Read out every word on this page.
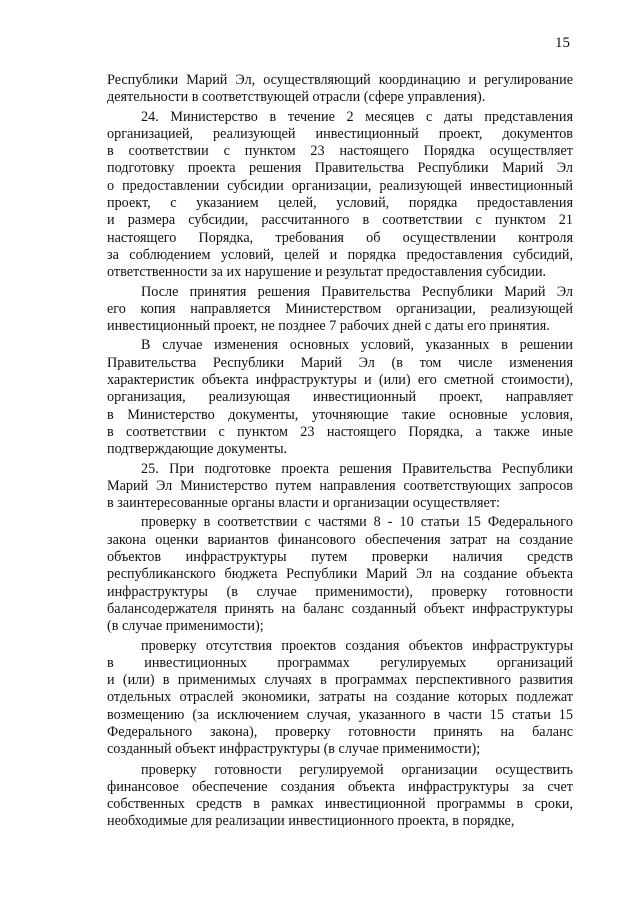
15

Республики Марий Эл, осуществляющий координацию и регулирование
деятельности в соответствующей отрасли (сфере управления).

24. Министерство в течение 2 месяцев с даты представления
организацией, реализующей инвестиционный проект, документов
в соответствии с пунктом 23 настоящего Порядка осуществляет
подготовку проекта решения Правительства Республики Марий Эл
о предоставлении субсидии организации, реализующей инвестиционный
проект, с указанием целей, условий, порядка предоставления
и размера субсидии, рассчитанного в соответствии с пунктом 21
настоящего Порядка, требования об осуществлении контроля
за соблюдением условий, целей и порядка предоставления субсидий,
ответственности за их нарушение и результат предоставления субсидии.

После принятия решения Правительства Республики Марий Эл
его копия направляется Министерством организации, реализующей
инвестиционный проект, не позднее 7 рабочих дней с даты его принятия.

В случае изменения основных условий, указанных в решении
Правительства Республики Марий Эл (в том числе изменения
характеристик объекта инфраструктуры и (или) его сметной стоимости),
организация, реализующая инвестиционный проект, направляет
в Министерство документы, уточняющие такие основные условия,
в соответствии с пунктом 23 настоящего Порядка, а также иные
подтверждающие документы.

25. При подготовке проекта решения Правительства Республики
Марий Эл Министерство путем направления соответствующих запросов
в заинтересованные органы власти и организации осуществляет:

проверку в соответствии с частями 8 - 10 статьи 15 Федерального
закона оценки вариантов финансового обеспечения затрат на создание
объектов инфраструктуры путем проверки наличия средств
республиканского бюджета Республики Марий Эл на создание объекта
инфраструктуры (в случае применимости), проверку готовности
балансодержателя принять на баланс созданный объект инфраструктуры
(в случае применимости);

проверку отсутствия проектов создания объектов инфраструктуры
в инвестиционных программах регулируемых организаций
и (или) в применимых случаях в программах перспективного развития
отдельных отраслей экономики, затраты на создание которых подлежат
возмещению (за исключением случая, указанного в части 15 статьи 15
Федерального закона), проверку готовности принять на баланс
созданный объект инфраструктуры (в случае применимости);

проверку готовности регулируемой организации осуществить
финансовое обеспечение создания объекта инфраструктуры за счет
собственных средств в рамках инвестиционной программы в сроки,
необходимые для реализации инвестиционного проекта, в порядке,
